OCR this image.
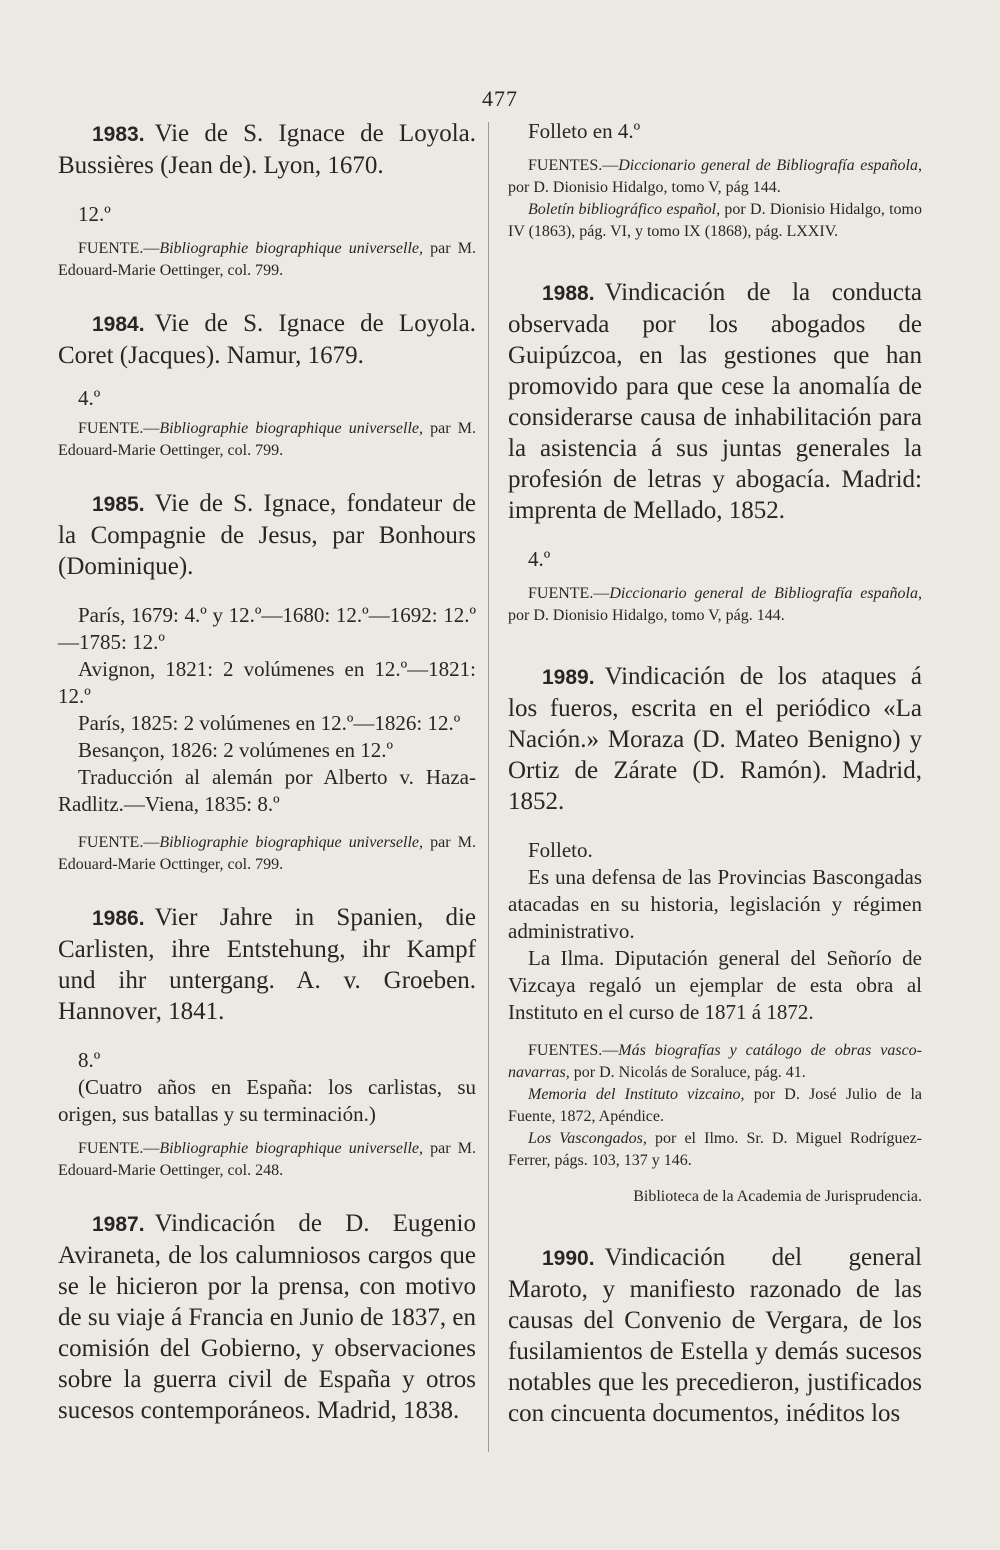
477

1983. Vie de S. Ignace de Loyola. Bussières (Jean de). Lyon, 1670.

12.º

FUENTE.—Bibliographie biographique universelle, par M. Edouard-Marie Oettinger, col. 799.

1984. Vie de S. Ignace de Loyola. Coret (Jacques). Namur, 1679.

4.º

FUENTE.—Bibliographie biographique universelle, par M. Edouard-Marie Oettinger, col. 799.

1985. Vie de S. Ignace, fondateur de la Compagnie de Jesus, par Bonhours (Dominique).

París, 1679: 4.º y 12.º—1680: 12.º—1692: 12.º—1785: 12.º

Avignon, 1821: 2 volúmenes en 12.º—1821: 12.º

París, 1825: 2 volúmenes en 12.º—1826: 12.º

Besançon, 1826: 2 volúmenes en 12.º

Traducción al alemán por Alberto v. Haza-Radlitz.—Viena, 1835: 8.º

FUENTE.—Bibliographie biographique universelle, par M. Edouard-Marie Octtinger, col. 799.

1986. Vier Jahre in Spanien, die Carlisten, ihre Entstehung, ihr Kampf und ihr untergang. A. v. Groeben. Hannover, 1841.

8.º

(Cuatro años en España: los carlistas, su origen, sus batallas y su terminación.)

FUENTE.—Bibliographie biographique universelle, par M. Edouard-Marie Oettinger, col. 248.

1987. Vindicación de D. Eugenio Aviraneta, de los calumniosos cargos que se le hicieron por la prensa, con motivo de su viaje á Francia en Junio de 1837, en comisión del Gobierno, y observaciones sobre la guerra civil de España y otros sucesos contemporáneos. Madrid, 1838.

Folleto en 4.º

FUENTES.—Diccionario general de Bibliografía española, por D. Dionisio Hidalgo, tomo V, pág 144.

Boletín bibliográfico español, por D. Dionisio Hidalgo, tomo IV (1863), pág. VI, y tomo IX (1868), pág. LXXIV.

1988. Vindicación de la conducta observada por los abogados de Guipúzcoa, en las gestiones que han promovido para que cese la anomalía de considerarse causa de inhabilitación para la asistencia á sus juntas generales la profesión de letras y abogacía. Madrid: imprenta de Mellado, 1852.

4.º

FUENTE.—Diccionario general de Bibliografía española, por D. Dionisio Hidalgo, tomo V, pág. 144.

1989. Vindicación de los ataques á los fueros, escrita en el periódico «La Nación.» Moraza (D. Mateo Benigno) y Ortiz de Zárate (D. Ramón). Madrid, 1852.

Folleto.

Es una defensa de las Provincias Bascongadas atacadas en su historia, legislación y régimen administrativo.

La Ilma. Diputación general del Señorío de Vizcaya regaló un ejemplar de esta obra al Instituto en el curso de 1871 á 1872.

FUENTES.—Más biografías y catálogo de obras vasco-navarras, por D. Nicolás de Soraluce, pág. 41.

Memoria del Instituto vizcaino, por D. José Julio de la Fuente, 1872, Apéndice.

Los Vascongados, por el Ilmo. Sr. D. Miguel Rodríguez-Ferrer, págs. 103, 137 y 146.

Biblioteca de la Academia de Jurisprudencia.

1990. Vindicación del general Maroto, y manifiesto razonado de las causas del Convenio de Vergara, de los fusilamientos de Estella y demás sucesos notables que les precedieron, justificados con cincuenta documentos, inéditos los
